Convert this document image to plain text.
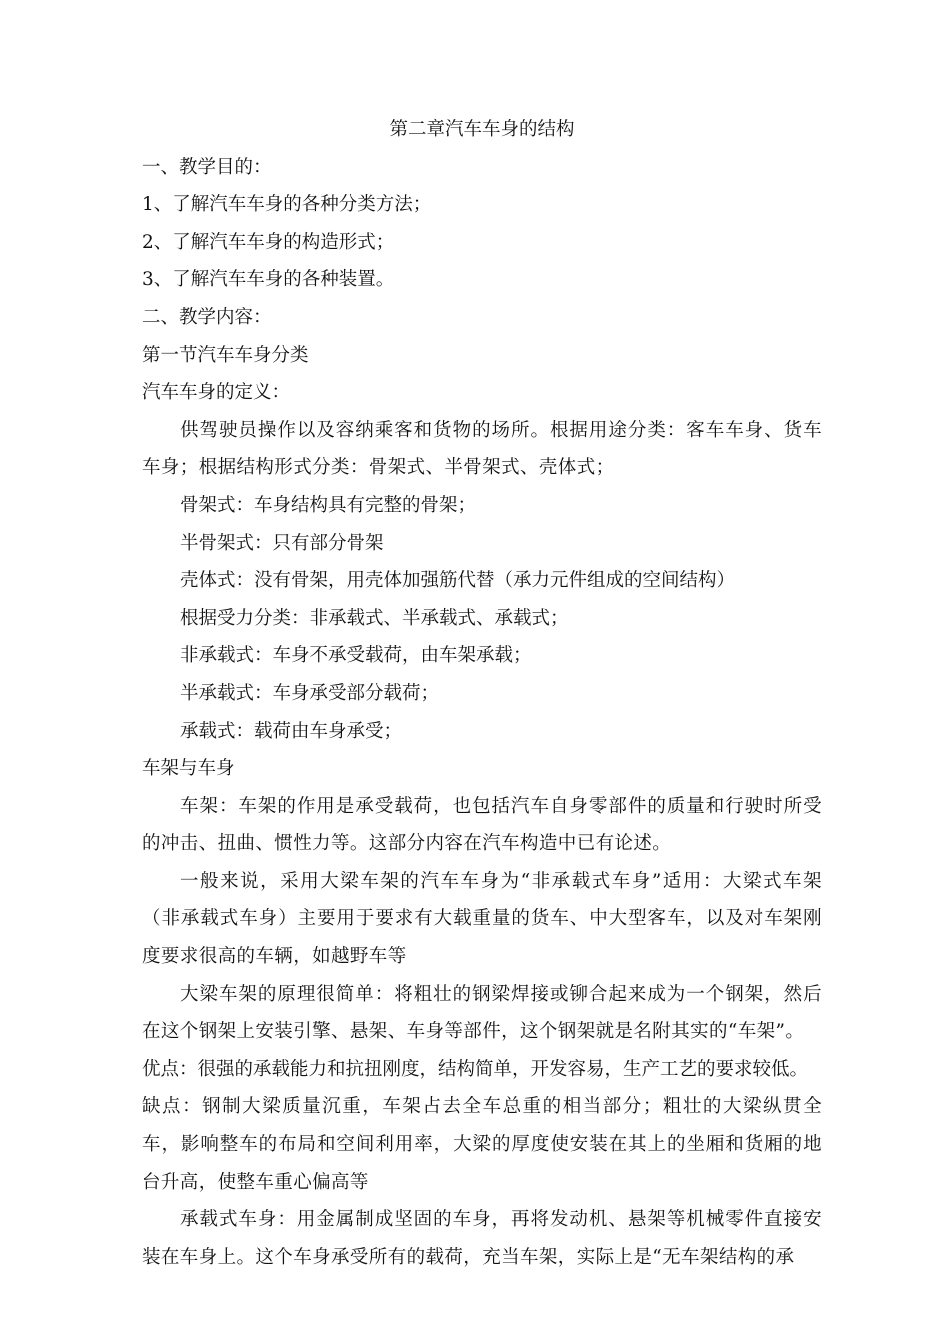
第二章汽车车身的结构
一、教学目的：
1、了解汽车车身的各种分类方法；
2、了解汽车车身的构造形式；
3、了解汽车车身的各种装置。
二、教学内容：
第一节汽车车身分类
汽车车身的定义：
供驾驶员操作以及容纳乘客和货物的场所。根据用途分类：客车车身、货车车身；根据结构形式分类：骨架式、半骨架式、壳体式；
骨架式：车身结构具有完整的骨架；
半骨架式：只有部分骨架
壳体式：没有骨架，用壳体加强筋代替（承力元件组成的空间结构）
根据受力分类：非承载式、半承载式、承载式；
非承载式：车身不承受载荷，由车架承载；
半承载式：车身承受部分载荷；
承载式：载荷由车身承受；
车架与车身
车架：车架的作用是承受载荷，也包括汽车自身零部件的质量和行驶时所受的冲击、扭曲、惯性力等。这部分内容在汽车构造中已有论述。
一般来说，采用大梁车架的汽车车身为“非承载式车身”适用：大梁式车架（非承载式车身）主要用于要求有大载重量的货车、中大型客车，以及对车架刚度要求很高的车辆，如越野车等
大梁车架的原理很简单：将粗壮的钢梁焊接或铆合起来成为一个钢架，然后在这个钢架上安装引擎、悬架、车身等部件，这个钢架就是名附其实的“车架”。
优点：很强的承载能力和抗扭刚度，结构简单，开发容易，生产工艺的要求较低。
缺点：钢制大梁质量沉重，车架占去全车总重的相当部分；粗壮的大梁纵贯全车，影响整车的布局和空间利用率，大梁的厚度使安装在其上的坐厢和货厢的地台升高，使整车重心偏高等
承载式车身：用金属制成坚固的车身，再将发动机、悬架等机械零件直接安装在车身上。这个车身承受所有的载荷，充当车架，实际上是“无车架结构的承
